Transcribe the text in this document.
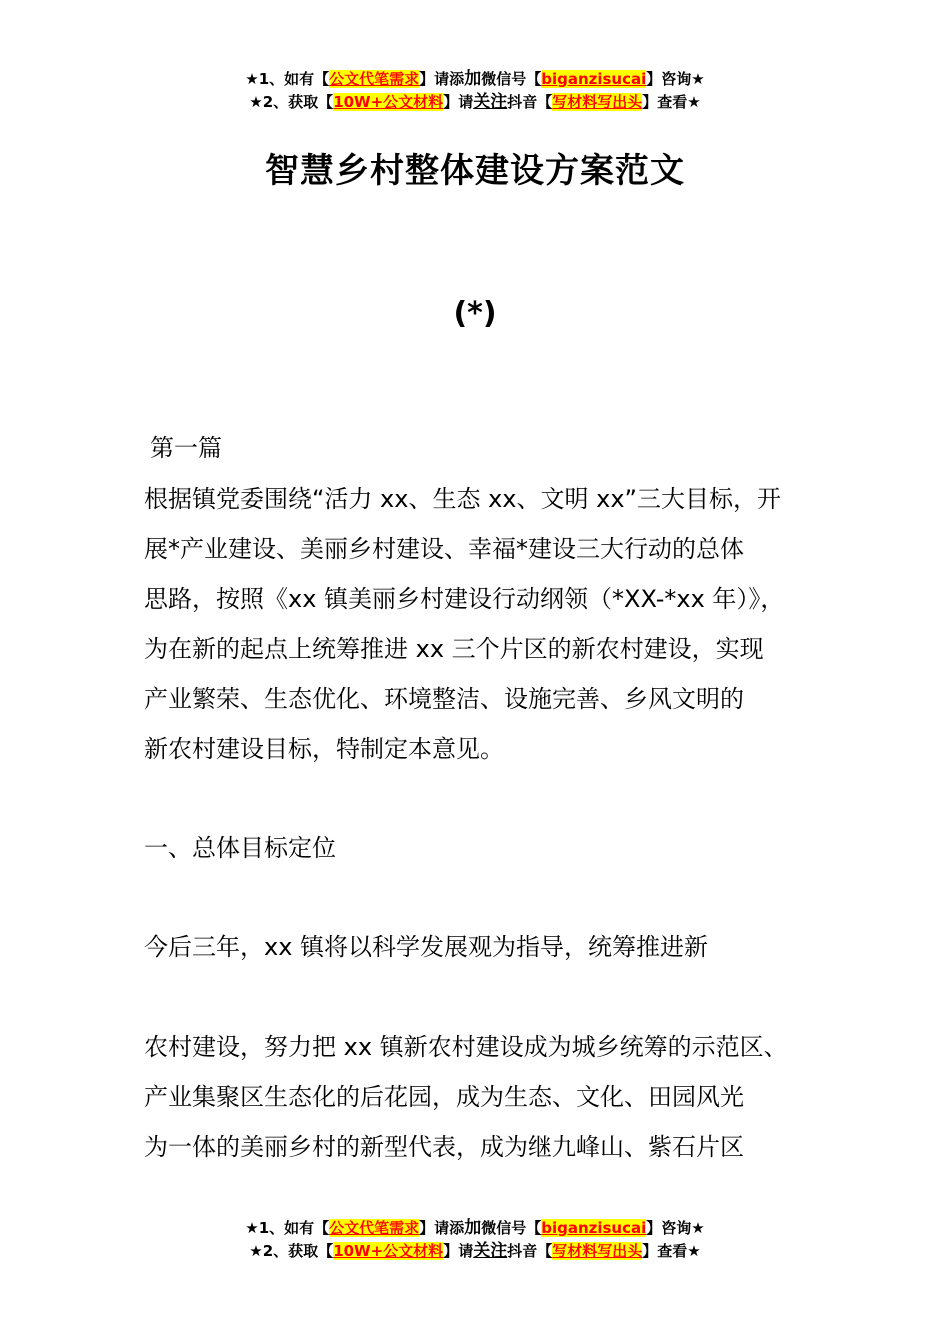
★1、如有【公文代笔需求】请添加微信号【biganzisucai】咨询★
★2、获取【10W+公文材料】请关注抖音【写材料写出头】查看★
智慧乡村整体建设方案范文
(*)
第一篇
根据镇党委围绕“活力 xx、生态 xx、文明 xx”三大目标，开
展*产业建设、美丽乡村建设、幸福*建设三大行动的总体
思路，按照《xx 镇美丽乡村建设行动纲领（*XX-*xx 年）》，
为在新的起点上统筹推进 xx 三个片区的新农村建设，实现
产业繁荣、生态优化、环境整洁、设施完善、乡风文明的
新农村建设目标，特制定本意见。
一、总体目标定位
今后三年，xx 镇将以科学发展观为指导，统筹推进新
农村建设，努力把 xx 镇新农村建设成为城乡统筹的示范区、
产业集聚区生态化的后花园，成为生态、文化、田园风光
为一体的美丽乡村的新型代表，成为继九峰山、紫石片区
★1、如有【公文代笔需求】请添加微信号【biganzisucai】咨询★
★2、获取【10W+公文材料】请关注抖音【写材料写出头】查看★
